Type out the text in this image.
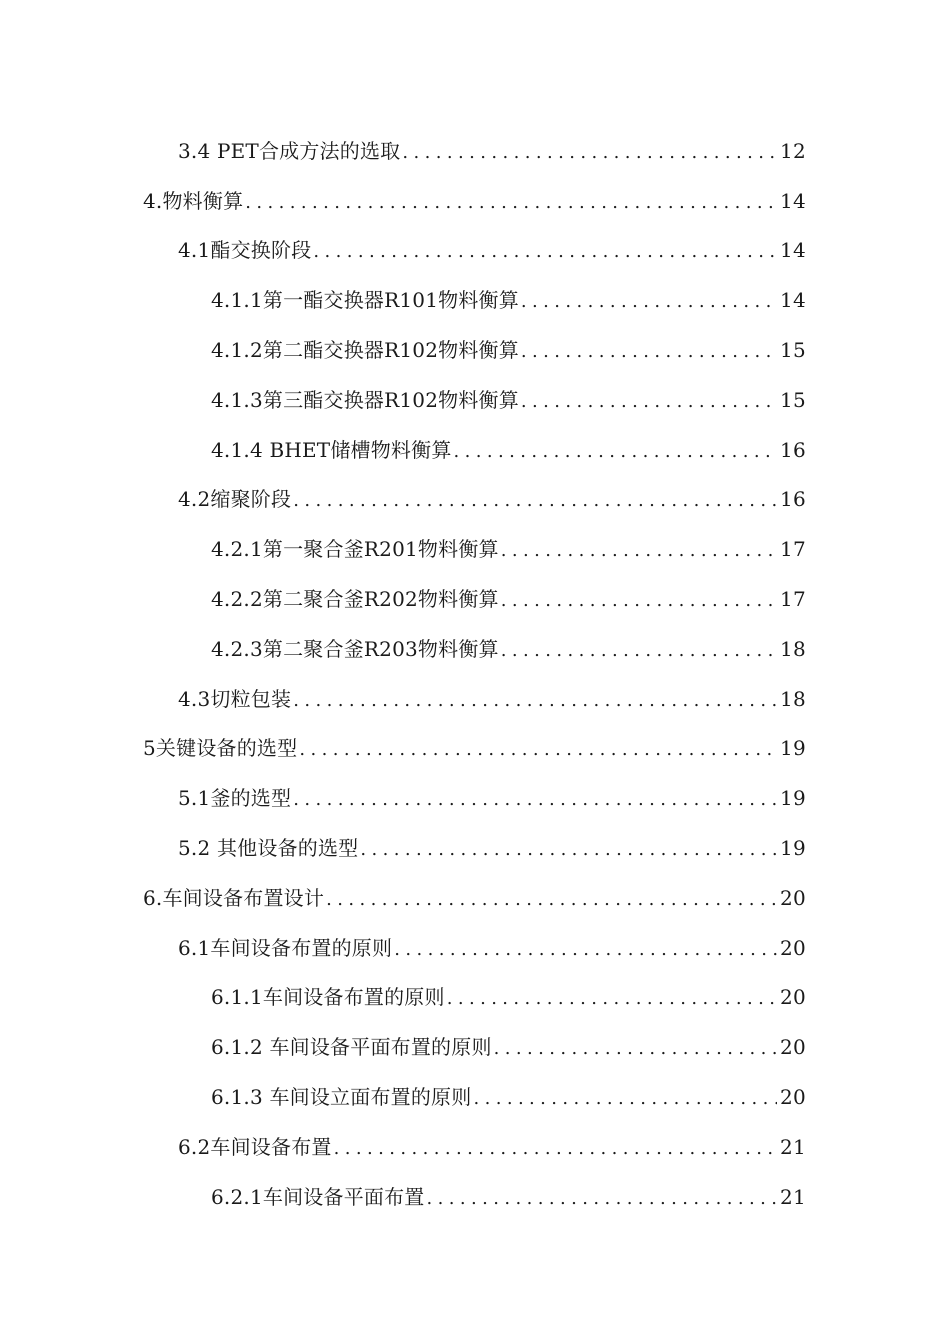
3.4 PET合成方法的选取 .....	12
4.物料衡算 .....	14
4.1酯交换阶段 .....	14
4.1.1第一酯交换器R101物料衡算 .....	14
4.1.2第二酯交换器R102物料衡算 .....	15
4.1.3第三酯交换器R102物料衡算 .....	15
4.1.4 BHET储槽物料衡算 .....	16
4.2缩聚阶段 .....	16
4.2.1第一聚合釜R201物料衡算 .....	17
4.2.2第二聚合釜R202物料衡算 .....	17
4.2.3第二聚合釜R203物料衡算 .....	18
4.3切粒包装 .....	18
5关键设备的选型 .....	19
5.1釜的选型 .....	19
5.2 其他设备的选型 .....	19
6.车间设备布置设计 .....	20
6.1车间设备布置的原则 .....	20
6.1.1车间设备布置的原则 .....	20
6.1.2 车间设备平面布置的原则 .....	20
6.1.3 车间设立面布置的原则 .....	20
6.2车间设备布置 .....	21
6.2.1车间设备平面布置 .....	21
